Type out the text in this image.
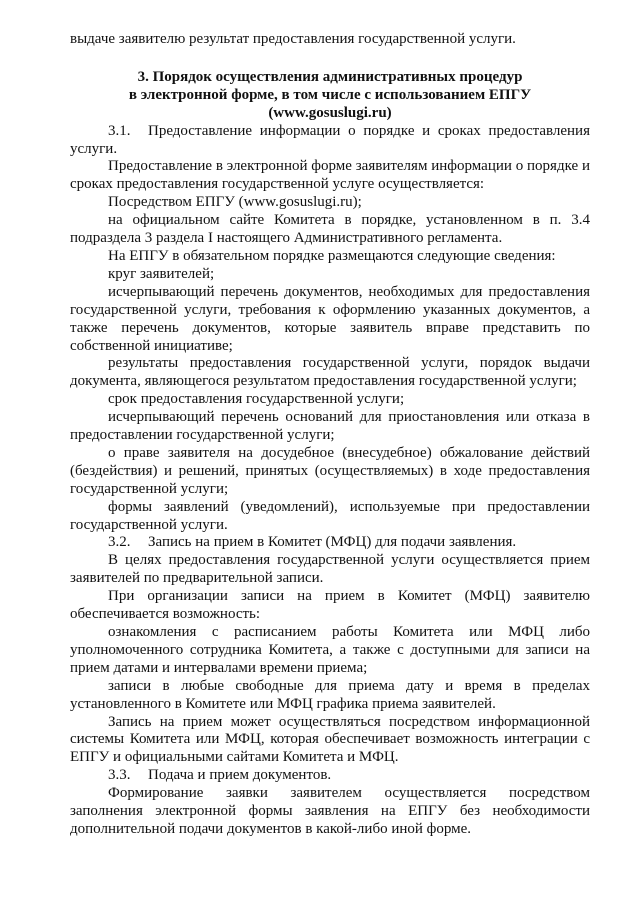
выдаче заявителю результат предоставления государственной услуги.

3. Порядок осуществления административных процедур

в электронной форме, в том числе с использованием ЕПГУ

(www.gosuslugi.ru)

3.1. Предоставление информации о порядке и сроках предоставления услуги.

Предоставление в электронной форме заявителям информации о порядке и сроках предоставления государственной услуге осуществляется:

Посредством ЕПГУ (www.gosuslugi.ru);

на официальном сайте Комитета в порядке, установленном в п. 3.4 подраздела 3 раздела I настоящего Административного регламента.

На ЕПГУ в обязательном порядке размещаются следующие сведения:

круг заявителей;

исчерпывающий перечень документов, необходимых для предоставления государственной услуги, требования к оформлению указанных документов, а также перечень документов, которые заявитель вправе представить по собственной инициативе;

результаты предоставления государственной услуги, порядок выдачи документа, являющегося результатом предоставления государственной услуги;

срок предоставления государственной услуги;

исчерпывающий перечень оснований для приостановления или отказа в предоставлении государственной услуги;

о праве заявителя на досудебное (внесудебное) обжалование действий (бездействия) и решений, принятых (осуществляемых) в ходе предоставления государственной услуги;

формы заявлений (уведомлений), используемые при предоставлении государственной услуги.

3.2. Запись на прием в Комитет (МФЦ) для подачи заявления.

В целях предоставления государственной услуги осуществляется прием заявителей по предварительной записи.

При организации записи на прием в Комитет (МФЦ) заявителю обеспечивается возможность:

ознакомления с расписанием работы Комитета или МФЦ либо уполномоченного сотрудника Комитета, а также с доступными для записи на прием датами и интервалами времени приема;

записи в любые свободные для приема дату и время в пределах установленного в Комитете или МФЦ графика приема заявителей.

Запись на прием может осуществляться посредством информационной системы Комитета или МФЦ, которая обеспечивает возможность интеграции с ЕПГУ и официальными сайтами Комитета и МФЦ.

3.3. Подача и прием документов.

Формирование заявки заявителем осуществляется посредством заполнения электронной формы заявления на ЕПГУ без необходимости дополнительной подачи документов в какой-либо иной форме.
